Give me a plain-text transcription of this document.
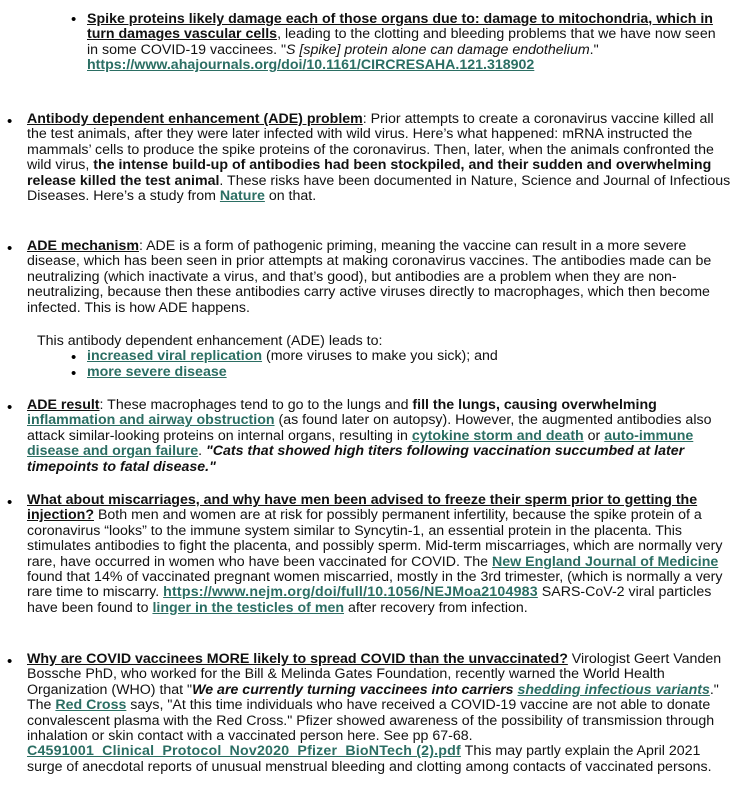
• Spike proteins likely damage each of those organs due to: damage to mitochondria, which in turn damages vascular cells, leading to the clotting and bleeding problems that we have now seen in some COVID-19 vaccinees. "S [spike] protein alone can damage endothelium."
https://www.ahajournals.org/doi/10.1161/CIRCRESAHA.121.318902

• Antibody dependent enhancement (ADE) problem: Prior attempts to create a coronavirus vaccine killed all the test animals, after they were later infected with wild virus. Here’s what happened: mRNA instructed the mammals’ cells to produce the spike proteins of the coronavirus. Then, later, when the animals confronted the wild virus, the intense build-up of antibodies had been stockpiled, and their sudden and overwhelming release killed the test animal. These risks have been documented in Nature, Science and Journal of Infectious Diseases. Here’s a study from Nature on that.

• ADE mechanism: ADE is a form of pathogenic priming, meaning the vaccine can result in a more severe disease, which has been seen in prior attempts at making coronavirus vaccines. The antibodies made can be neutralizing (which inactivate a virus, and that’s good), but antibodies are a problem when they are non-neutralizing, because then these antibodies carry active viruses directly to macrophages, which then become infected. This is how ADE happens.

This antibody dependent enhancement (ADE) leads to:

• increased viral replication (more viruses to make you sick); and

• more severe disease

• ADE result: These macrophages tend to go to the lungs and fill the lungs, causing overwhelming inflammation and airway obstruction (as found later on autopsy). However, the augmented antibodies also attack similar-looking proteins on internal organs, resulting in cytokine storm and death or auto-immune disease and organ failure. "Cats that showed high titers following vaccination succumbed at later timepoints to fatal disease."

• What about miscarriages, and why have men been advised to freeze their sperm prior to getting the injection? Both men and women are at risk for possibly permanent infertility, because the spike protein of a coronavirus “looks” to the immune system similar to Syncytin-1, an essential protein in the placenta. This stimulates antibodies to fight the placenta, and possibly sperm. Mid-term miscarriages, which are normally very rare, have occurred in women who have been vaccinated for COVID. The New England Journal of Medicine found that 14% of vaccinated pregnant women miscarried, mostly in the 3rd trimester, (which is normally a very rare time to miscarry. https://www.nejm.org/doi/full/10.1056/NEJMoa2104983 SARS-CoV-2 viral particles have been found to linger in the testicles of men after recovery from infection.

• Why are COVID vaccinees MORE likely to spread COVID than the unvaccinated? Virologist Geert Vanden Bossche PhD, who worked for the Bill & Melinda Gates Foundation, recently warned the World Health Organization (WHO) that "We are currently turning vaccinees into carriers shedding infectious variants." The Red Cross says, "At this time individuals who have received a COVID-19 vaccine are not able to donate convalescent plasma with the Red Cross." Pfizer showed awareness of the possibility of transmission through inhalation or skin contact with a vaccinated person here. See pp 67-68. C4591001_Clinical_Protocol_Nov2020_Pfizer_BioNTech (2).pdf This may partly explain the April 2021 surge of anecdotal reports of unusual menstrual bleeding and clotting among contacts of vaccinated persons.
